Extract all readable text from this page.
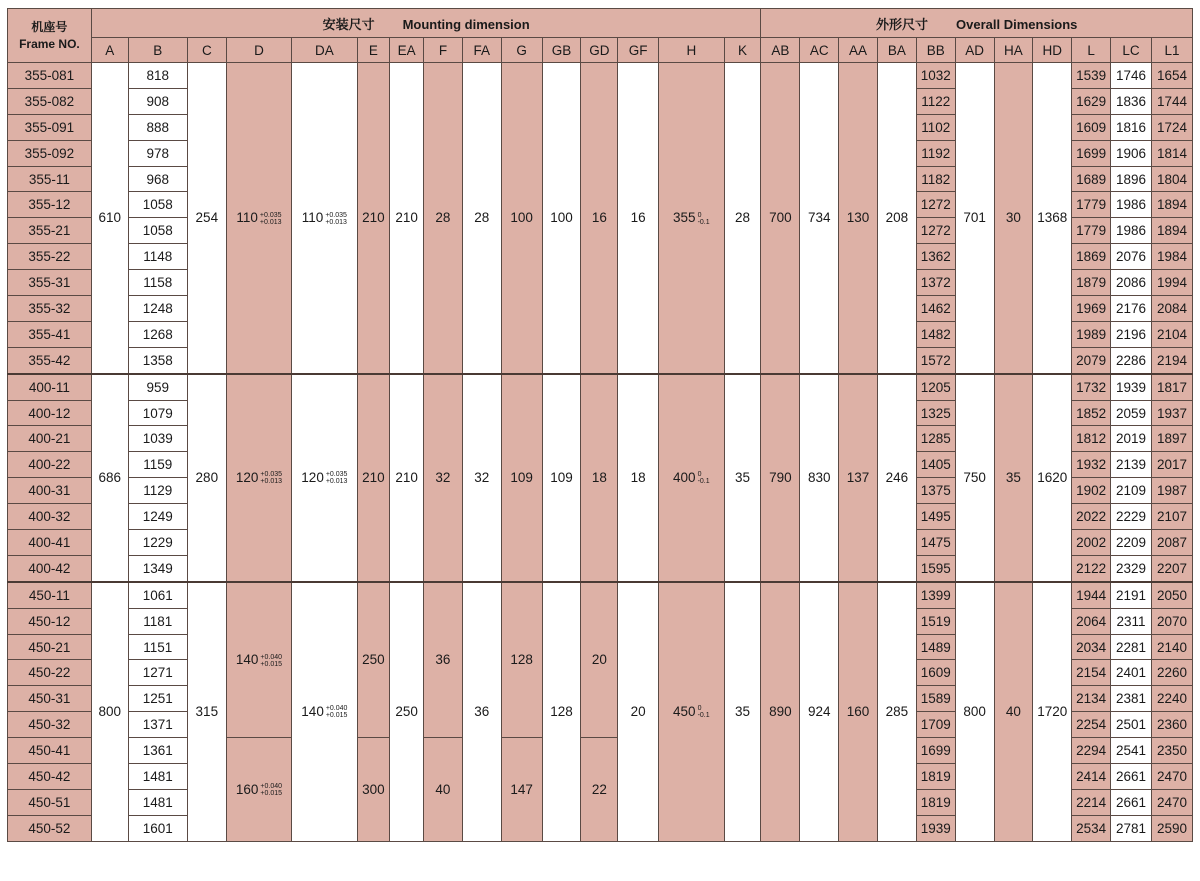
机座号
Frame NO.	安装尺寸 Mounting dimension															外形尺寸 Overall Dimensions										
	A	B	C	D	DA	E	EA	F	FA	G	GB	GD	GF	H	K	AB	AC	AA	BA	BB	AD	HA	HD	L	LC	L1
355-081	610	818	254	110 +0.035
+0.013	110 +0.035
+0.013	210	210	28	28	100	100	16	16	355 0
-0.1	28	700	734	130	208	1032	701	30	1368	1539	1746	1654
355-082		908																		1122				1629	1836	1744
355-091		888																		1102				1609	1816	1724
355-092		978																		1192				1699	1906	1814
355-11		968																		1182				1689	1896	1804
355-12		1058																		1272				1779	1986	1894
355-21		1058																		1272				1779	1986	1894
355-22		1148																		1362				1869	2076	1984
355-31		1158																		1372				1879	2086	1994
355-32		1248																		1462				1969	2176	2084
355-41		1268																		1482				1989	2196	2104
355-42		1358																		1572				2079	2286	2194
400-11	686	959	280	120 +0.035
+0.013	120 +0.035
+0.013	210	210	32	32	109	109	18	18	400 0
-0.1	35	790	830	137	246	1205	750	35	1620	1732	1939	1817
400-12		1079																		1325				1852	2059	1937
400-21		1039																		1285				1812	2019	1897
400-22		1159																		1405				1932	2139	2017
400-31		1129																		1375				1902	2109	1987
400-32		1249																		1495				2022	2229	2107
400-41		1229																		1475				2002	2209	2087
400-42		1349																		1595				2122	2329	2207
450-11	800	1061	315	140 +0.040
+0.015	140 +0.040
+0.015	250	250	36	36	128	128	20	20	450 0
-0.1	35	890	924	160	285	1399	800	40	1720	1944	2191	2050
450-12		1181																		1519				2064	2311	2070
450-21		1151																		1489				2034	2281	2140
450-22		1271																		1609				2154	2401	2260
450-31		1251																		1589				2134	2381	2240
450-32		1371																		1709				2254	2501	2360
450-41		1361		160 +0.040
+0.015		300		40		147		22								1699				2294	2541	2350
450-42		1481																		1819				2414	2661	2470
450-51		1481																		1819				2214	2661	2470
450-52		1601																		1939				2534	2781	2590
